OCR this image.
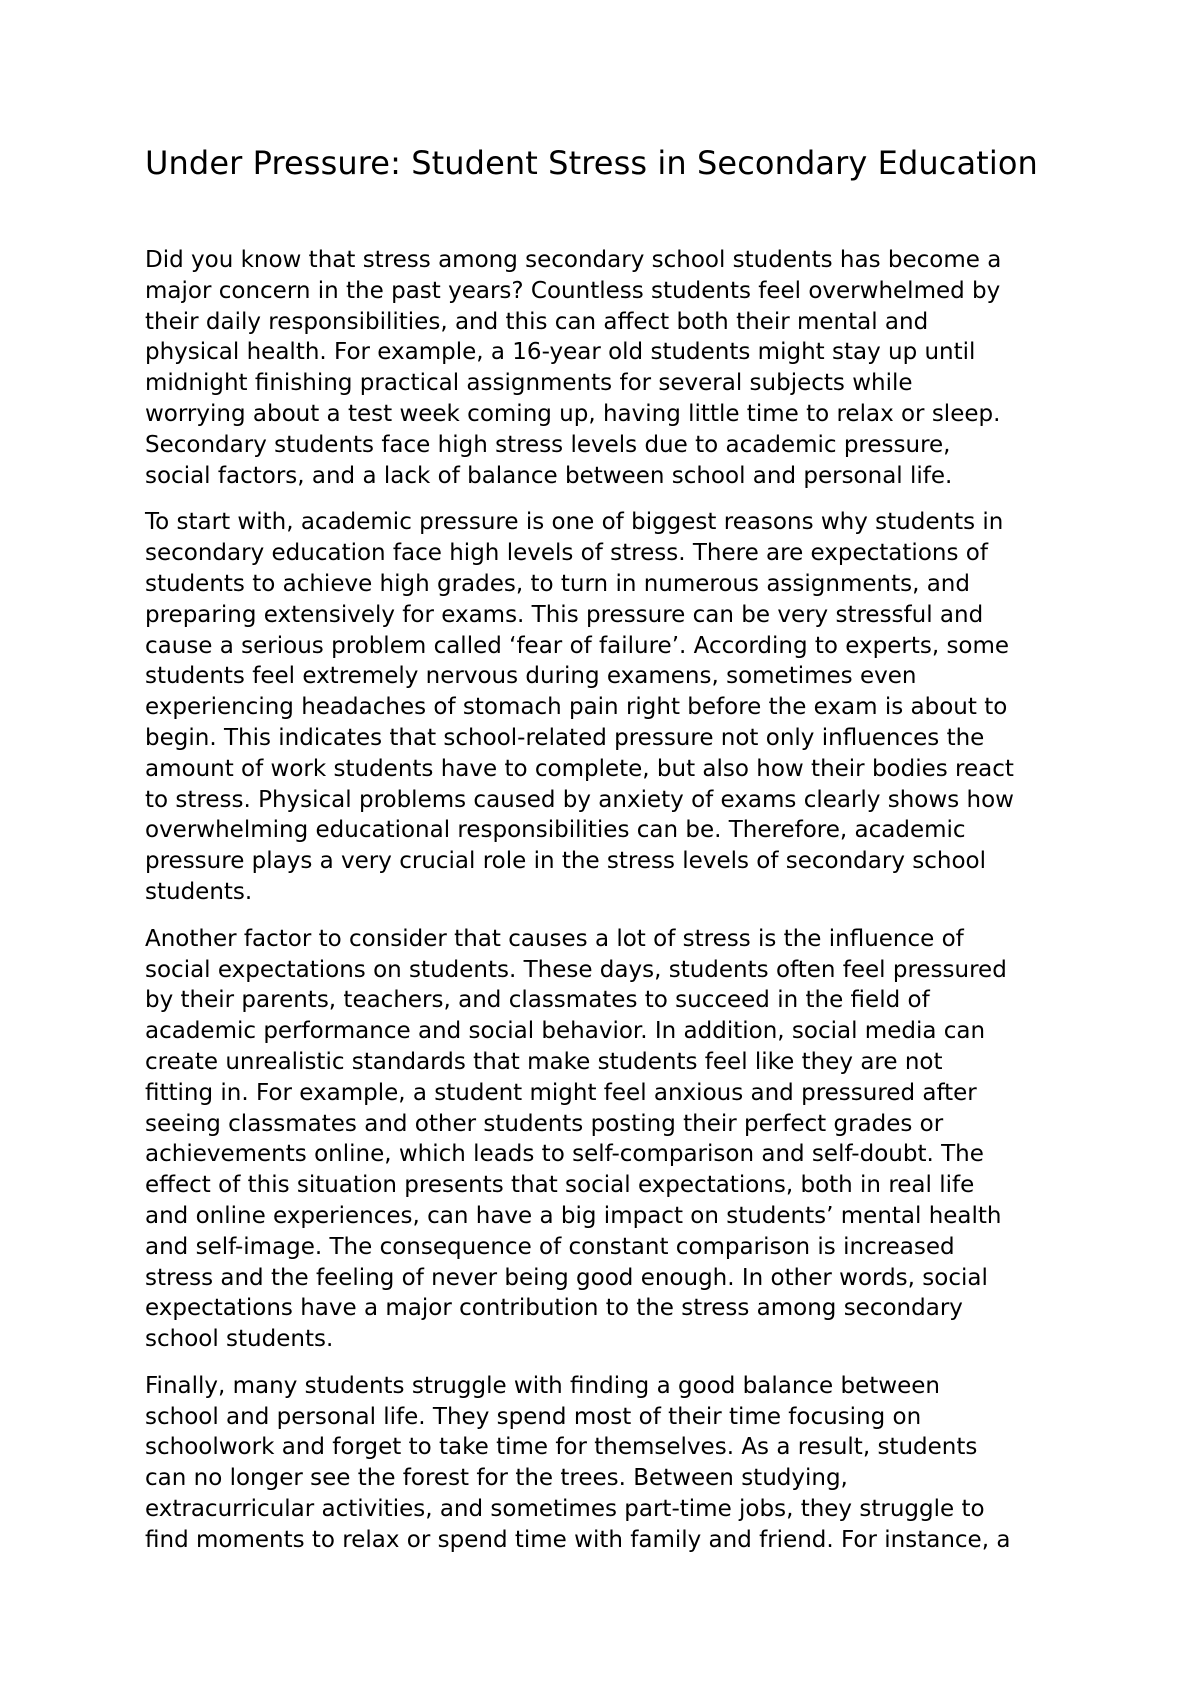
Under Pressure: Student Stress in Secondary Education

Did you know that stress among secondary school students has become a
major concern in the past years? Countless students feel overwhelmed by
their daily responsibilities, and this can affect both their mental and
physical health. For example, a 16-year old students might stay up until
midnight finishing practical assignments for several subjects while
worrying about a test week coming up, having little time to relax or sleep.
Secondary students face high stress levels due to academic pressure,
social factors, and a lack of balance between school and personal life.

To start with, academic pressure is one of biggest reasons why students in
secondary education face high levels of stress. There are expectations of
students to achieve high grades, to turn in numerous assignments, and
preparing extensively for exams. This pressure can be very stressful and
cause a serious problem called ‘fear of failure’. According to experts, some
students feel extremely nervous during examens, sometimes even
experiencing headaches of stomach pain right before the exam is about to
begin. This indicates that school-related pressure not only influences the
amount of work students have to complete, but also how their bodies react
to stress. Physical problems caused by anxiety of exams clearly shows how
overwhelming educational responsibilities can be. Therefore, academic
pressure plays a very crucial role in the stress levels of secondary school
students.

Another factor to consider that causes a lot of stress is the influence of
social expectations on students. These days, students often feel pressured
by their parents, teachers, and classmates to succeed in the field of
academic performance and social behavior. In addition, social media can
create unrealistic standards that make students feel like they are not
fitting in. For example, a student might feel anxious and pressured after
seeing classmates and other students posting their perfect grades or
achievements online, which leads to self-comparison and self-doubt. The
effect of this situation presents that social expectations, both in real life
and online experiences, can have a big impact on students’ mental health
and self-image. The consequence of constant comparison is increased
stress and the feeling of never being good enough. In other words, social
expectations have a major contribution to the stress among secondary
school students.

Finally, many students struggle with finding a good balance between
school and personal life. They spend most of their time focusing on
schoolwork and forget to take time for themselves. As a result, students
can no longer see the forest for the trees. Between studying,
extracurricular activities, and sometimes part-time jobs, they struggle to
find moments to relax or spend time with family and friend. For instance, a
